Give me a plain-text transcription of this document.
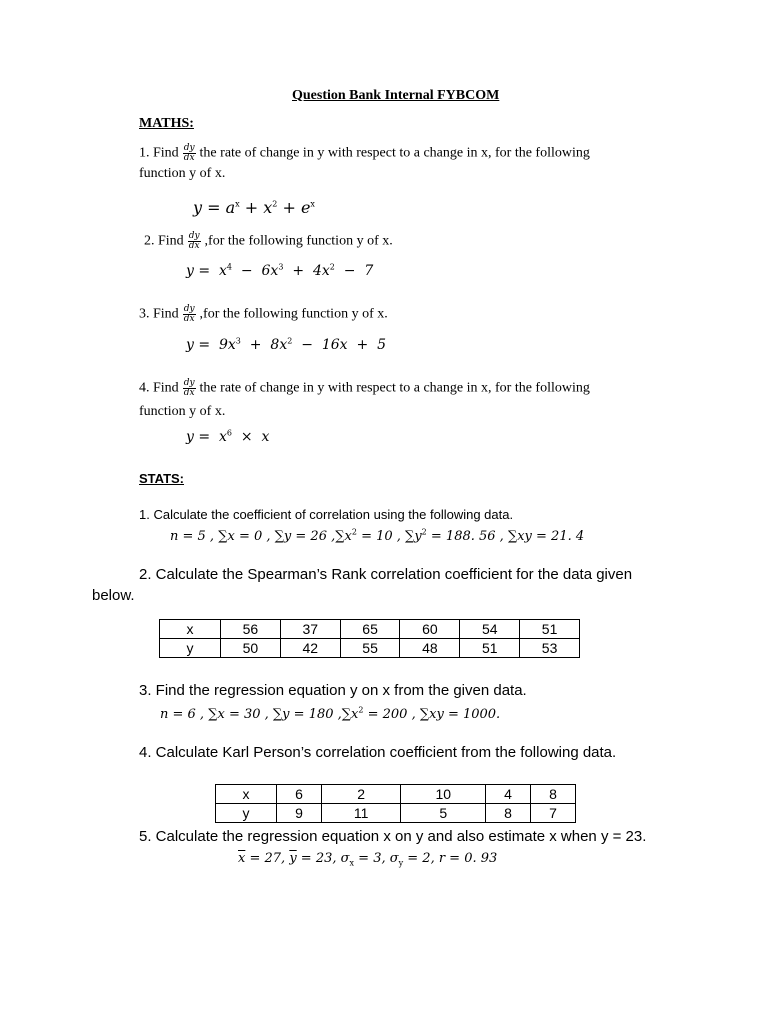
Question Bank Internal FYBCOM
MATHS:
1. Find $\frac{dy}{dx}$ the rate of change in y with respect to a change in x, for the following
function y of x.
$y = a^x + x^2 + e^x$
2. Find $\frac{dy}{dx} ,for$ the following function y of x.
$y = x^4 - 6x^3 + 4x^2 - 7$
3. Find $\frac{dy}{dx} ,for$ the following function y of x.
$y = 9x^3 + 8x^2 - 16x + 5$
4. Find $\frac{dy}{dx}$ the rate of change in y with respect to a change in x, for the following
function y of x.
$y = x^6 \times x$
STATS:
1. Calculate the coefficient of correlation using the following data.
n = 5 , ∑x = 0 , ∑y = 26 $,\sum x^2 = 10$ , $\sum y^2 = 188$. 56 , ∑xy = 21. 4
2. Calculate the Spearman’s Rank correlation coefficient for the data given
below.
x	56	37	65	60	54	51
y	50	42	55	48	51	53
3. Find the regression equation y on x from the given data.
n = 6 , ∑x = 30 , ∑y = 180 $,\sum x^2 = 200$ , ∑xy = 1000.
4. Calculate Karl Person’s correlation coefficient from the following data.
x	6	2	10	4	8
y	9	11	5	8	7
5. Calculate the regression equation x on y and also estimate x when y = 23.
$\overline{x} = 27$, $\overline{y} = 23$, $\sigma_x = 3$, $\sigma_y = 2$, r = 0. 93
